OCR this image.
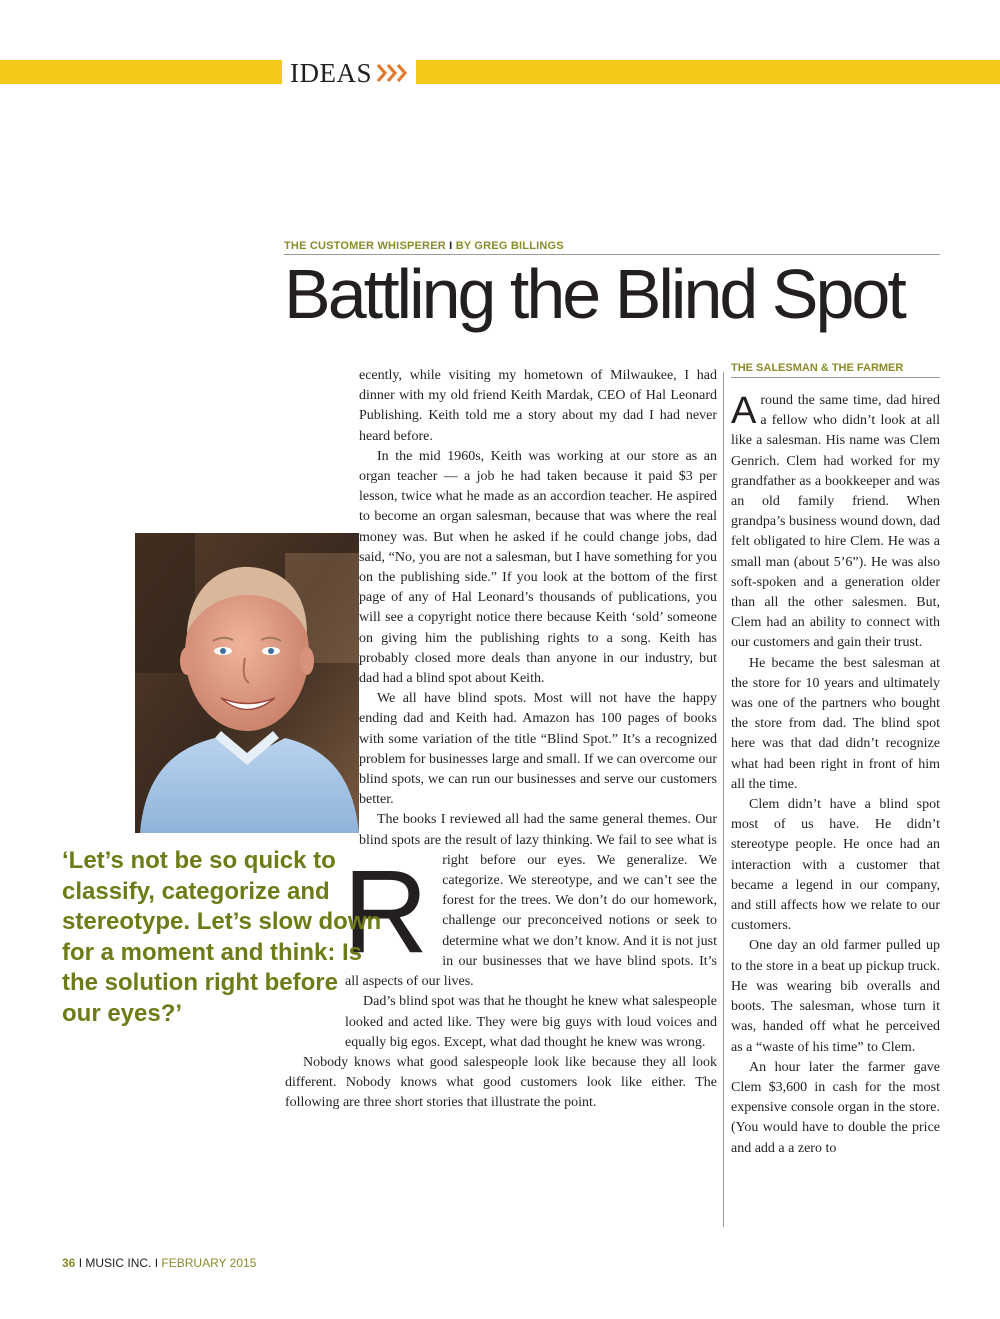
IDEAS
THE CUSTOMER WHISPERER I BY GREG BILLINGS
Battling the Blind Spot

R
ecently, while visiting my hometown of Milwaukee, I had dinner with my old friend Keith Mardak, CEO of Hal Leonard Publishing. Keith told me a story about my dad I had never heard before.

In the mid 1960s, Keith was working at our store as an organ teacher — a job he had taken because it paid $3 per lesson, twice what he made as an accordion teacher. He aspired to become an organ salesman, because that was where the real money was. But when he asked if he could change jobs, dad said, “No, you are not a salesman, but I have something for you on the publishing side.” If you look at the bottom of the first page of any of Hal Leonard’s thousands of publications, you will see a copyright notice there because Keith ‘sold’ someone on giving him the publishing rights to a song. Keith has probably closed more deals than anyone in our industry, but dad had a blind spot about Keith.

We all have blind spots. Most will not have the happy ending dad and Keith had. Amazon has 100 pages of books with some variation of the title “Blind Spot.” It’s a recognized problem for businesses large and small. If we can overcome our blind spots, we can run our businesses and serve our customers better.

The books I reviewed all had the same general themes. Our blind spots are the result of lazy thinking. We fail to see what is right before our eyes. We generalize. We categorize. We stereotype, and we can’t see the forest for the trees. We don’t do our homework, challenge our preconceived notions or seek to determine what we don’t know. And it is not just in our businesses that we have blind spots. It’s all aspects of our lives.

Dad’s blind spot was that he thought he knew what salespeople looked and acted like. They were big guys with loud voices and equally big egos. Except, what dad thought he knew was wrong.

Nobody knows what good salespeople look like because they all look different. Nobody knows what good customers look like either. The following are three short stories that illustrate the point.

‘Let’s not be so quick to classify, categorize and stereotype. Let’s slow down for a moment and think: Is the solution right before our eyes?’
THE SALESMAN & THE FARMER

Around the same time, dad hired a fellow who didn’t look at all like a salesman. His name was Clem Genrich. Clem had worked for my grandfather as a bookkeeper and was an old family friend. When grandpa’s business wound down, dad felt obligated to hire Clem. He was a small man (about 5’6”). He was also soft-spoken and a generation older than all the other salesmen. But, Clem had an ability to connect with our customers and gain their trust.

He became the best salesman at the store for 10 years and ultimately was one of the partners who bought the store from dad. The blind spot here was that dad didn’t recognize what had been right in front of him all the time.

Clem didn’t have a blind spot most of us have. He didn’t stereotype people. He once had an interaction with a customer that became a legend in our company, and still affects how we relate to our customers.

One day an old farmer pulled up to the store in a beat up pickup truck. He was wearing bib overalls and boots. The salesman, whose turn it was, handed off what he perceived as a “waste of his time” to Clem.

An hour later the farmer gave Clem $3,600 in cash for the most expensive console organ in the store. (You would have to double the price and add a a zero to

36 I MUSIC INC. I FEBRUARY 2015
